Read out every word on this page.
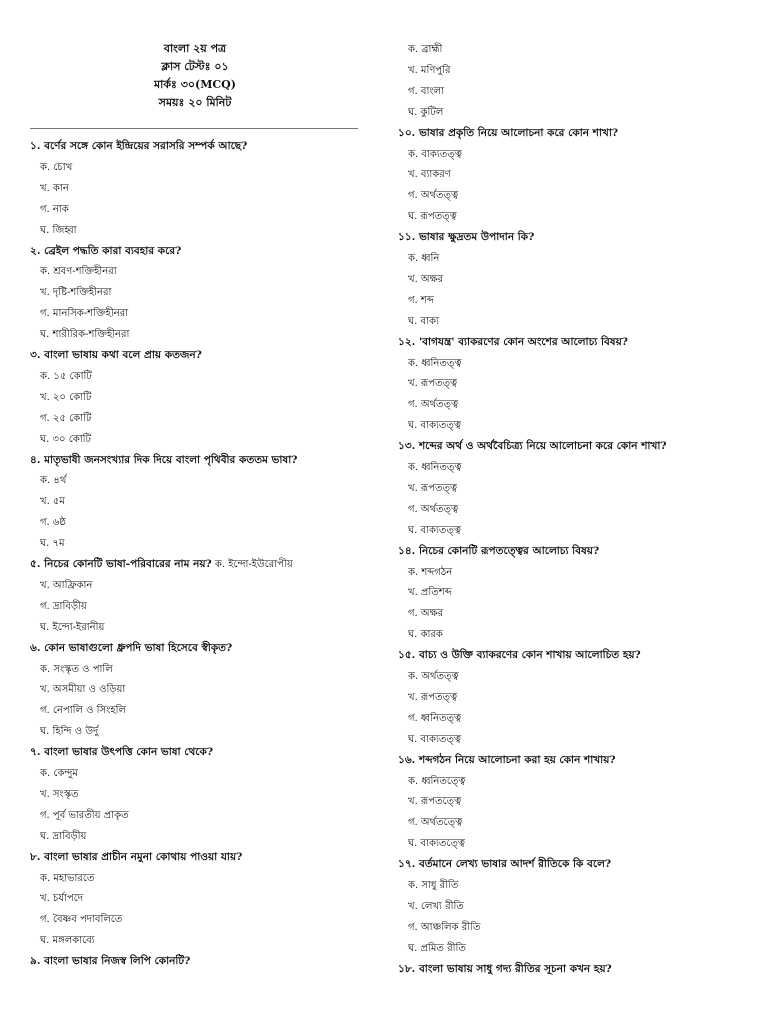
বাংলা ২য় পত্র
ক্লাস টেস্টঃ ০১
মার্কঃ ৩০(MCQ)
সময়ঃ ২০ মিনিট
১. বর্ণের সঙ্গে কোন ইন্দ্রিয়ের সরাসরি সম্পর্ক আছে?
ক. চোখ
খ. কান
গ. নাক
ঘ. জিহ্বা
২. ব্রেইল পদ্ধতি কারা ব্যবহার করে?
ক. শ্রবণ-শক্তিহীনরা
খ. দৃষ্টি-শক্তিহীনরা
গ. মানসিক-শক্তিহীনরা
ঘ. শারীরিক-শক্তিহীনরা
৩. বাংলা ভাষায় কথা বলে প্রায় কতজন?
ক. ১৫ কোটি
খ. ২০ কোটি
গ. ২৫ কোটি
ঘ. ৩০ কোটি
৪. মাতৃভাষী জনসংখ্যার দিক দিয়ে বাংলা পৃথিবীর কততম ভাষা?
ক. ৪র্থ
খ. ৫ম
গ. ৬ষ্ঠ
ঘ. ৭ম
৫. নিচের কোনটি ভাষা-পরিবারের নাম নয়? ক. ইন্দো-ইউরোপীয়
খ. আফ্রিকান
গ. দ্রাবিড়ীয়
ঘ. ইন্দো-ইরানীয়
৬. কোন ভাষাগুলো ধ্রুপদি ভাষা হিসেবে স্বীকৃত?
ক. সংস্কৃত ও পালি
খ. অসমীয়া ও ওড়িয়া
গ. নেপালি ও সিংহলি
ঘ. হিন্দি ও উর্দু
৭. বাংলা ভাষার উৎপত্তি কোন ভাষা থেকে?
ক. কেন্দুম
খ. সংস্কৃত
গ. পূর্ব ভারতীয় প্রাকৃত
ঘ. দ্রাবিড়ীয়
৮. বাংলা ভাষার প্রাচীন নমুনা কোথায় পাওয়া যায়?
ক. মহাভারতে
খ. চর্যাপদে
গ. বৈষ্ণব পদাবলিতে
ঘ. মঙ্গলকাব্যে
৯. বাংলা ভাষার নিজস্ব লিপি কোনটি?
ক. ব্রাহ্মী
খ. মণিপুরি
গ. বাংলা
ঘ. কুটিল
১০. ভাষার প্রকৃতি নিয়ে আলোচনা করে কোন শাখা?
ক. বাক্যতত্ত্ব
খ. ব্যাকরণ
গ. অর্থতত্ত্ব
ঘ. রূপতত্ত্ব
১১. ভাষার ক্ষুদ্রতম উপাদান কি?
ক. ধ্বনি
খ. অক্ষর
গ. শব্দ
ঘ. বাক্য
১২. 'বাগযন্ত্র' ব্যাকরণের কোন অংশের আলোচ্য বিষয়?
ক. ধ্বনিতত্ত্ব
খ. রূপতত্ত্ব
গ. অর্থতত্ত্ব
ঘ. বাক্যতত্ত্ব
১৩. শব্দের অর্থ ও অর্থবৈচিত্র্য নিয়ে আলোচনা করে কোন শাখা?
ক. ধ্বনিতত্ত্ব
খ. রূপতত্ত্ব
গ. অর্থতত্ত্ব
ঘ. বাক্যতত্ত্ব
১৪. নিচের কোনটি রূপতত্ত্বের আলোচ্য বিষয়?
ক. শব্দগঠন
খ. প্রতিশব্দ
গ. অক্ষর
ঘ. কারক
১৫. বাচ্য ও উক্তি ব্যাকরণের কোন শাখায় আলোচিত হয়?
ক. অর্থতত্ত্ব
খ. রূপতত্ত্ব
গ. ধ্বনিতত্ত্ব
ঘ. বাক্যতত্ত্ব
১৬. শব্দগঠন নিয়ে আলোচনা করা হয় কোন শাখায়?
ক. ধ্বনিতত্ত্বে
খ. রূপতত্ত্বে
গ. অর্থতত্ত্বে
ঘ. বাক্যতত্ত্বে
১৭. বর্তমানে লেখ্য ভাষার আদর্শ রীতিকে কি বলে?
ক. সাধু রীতি
খ. লেখ্য রীতি
গ. আঞ্চলিক রীতি
ঘ. প্রমিত রীতি
১৮. বাংলা ভাষায় সাধু গদ্য রীতির সূচনা কখন হয়?
